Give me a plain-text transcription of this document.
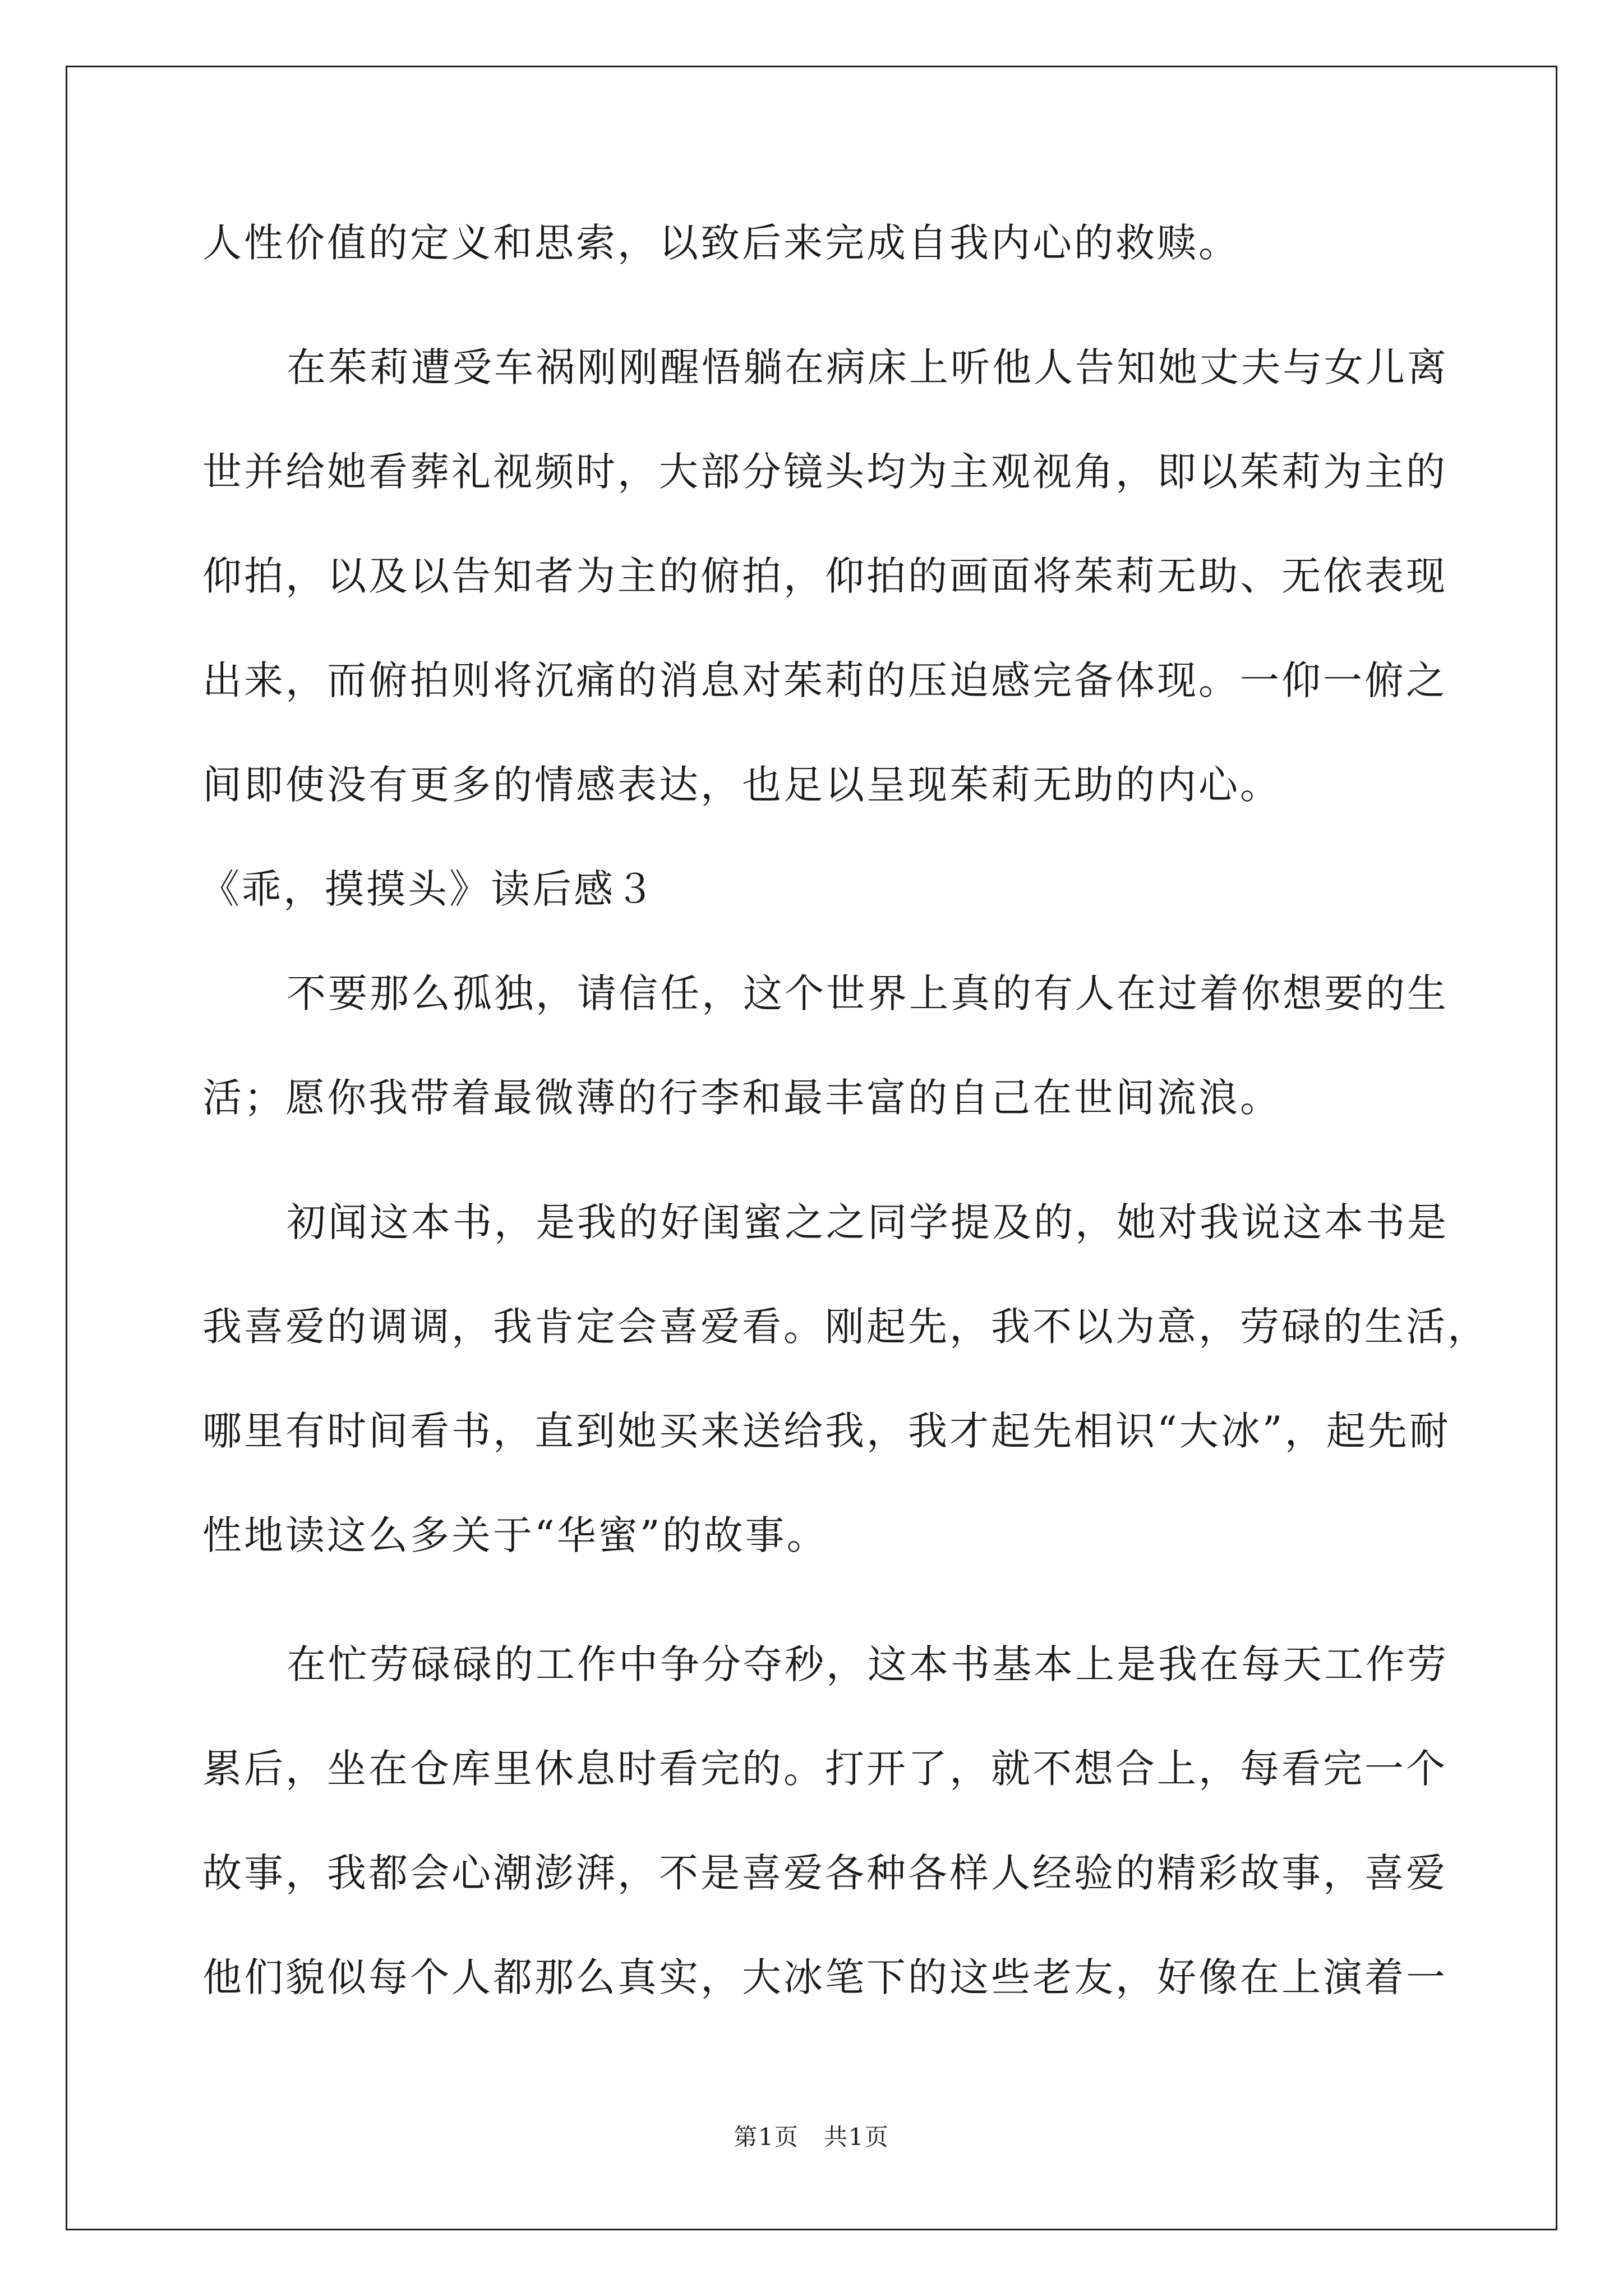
人性价值的定义和思索，以致后来完成自我内心的救赎。
在茱莉遭受车祸刚刚醒悟躺在病床上听他人告知她丈夫与女儿离
世并给她看葬礼视频时，大部分镜头均为主观视角，即以茱莉为主的
仰拍，以及以告知者为主的俯拍，仰拍的画面将茱莉无助、无依表现
出来，而俯拍则将沉痛的消息对茱莉的压迫感完备体现。一仰一俯之
间即使没有更多的情感表达，也足以呈现茱莉无助的内心。
《乖，摸摸头》读后感３
不要那么孤独，请信任，这个世界上真的有人在过着你想要的生
活；愿你我带着最微薄的行李和最丰富的自己在世间流浪。
初闻这本书，是我的好闺蜜之之同学提及的，她对我说这本书是
我喜爱的调调，我肯定会喜爱看。刚起先，我不以为意，劳碌的生活，
哪里有时间看书，直到她买来送给我，我才起先相识“大冰”，起先耐
性地读这么多关于“华蜜”的故事。
在忙劳碌碌的工作中争分夺秒，这本书基本上是我在每天工作劳
累后，坐在仓库里休息时看完的。打开了，就不想合上，每看完一个
故事，我都会心潮澎湃，不是喜爱各种各样人经验的精彩故事，喜爱
他们貌似每个人都那么真实，大冰笔下的这些老友，好像在上演着一
第1页　共1页
